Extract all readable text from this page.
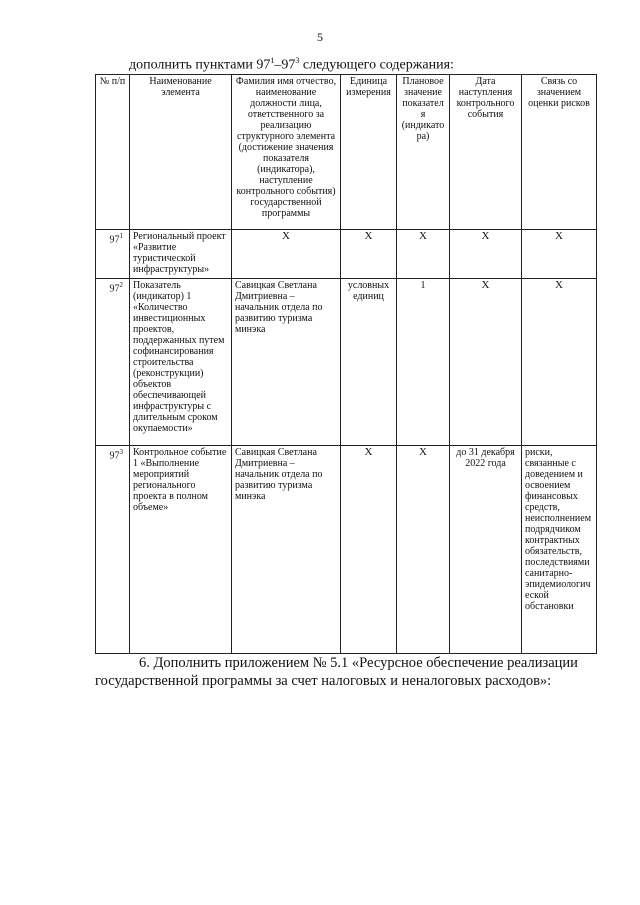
5
дополнить пунктами $97^1-97^3$ следующего содержания:
№ п/п	Наименование элемента	Фамилия имя отчество, наименование должности лица, ответственного за реализацию структурного элемента (достижение значения показателя (индикатора), наступление контрольного события) государственной программы	Единица измерения	Плановое значение показателя (индикатора)	Дата наступления контрольного события	Связь со значением оценки рисков
$97^1$	Региональный проект «Развитие туристической инфраструктуры»	Х	Х	Х	Х	Х
$97^2$	Показатель (индикатор) 1 «Количество инвестиционных проектов, поддержанных путем софинансирования строительства (реконструкции) объектов обеспечивающей инфраструктуры с длительным сроком окупаемости»	Савицкая Светлана Дмитриевна – начальник отдела по развитию туризма минэка	условных единиц	1	Х	Х
$97^3$	Контрольное событие 1 «Выполнение мероприятий регионального проекта в полном объеме»	Савицкая Светлана Дмитриевна – начальник отдела по развитию туризма минэка	Х	Х	до 31 декабря 2022 года	риски, связанные с доведением и освоением финансовых средств, неисполнением подрядчиком контрактных обязательств, последствиями санитарно-эпидемиологической обстановки
6. Дополнить приложением № 5.1 «Ресурсное обеспечение реализации
государственной программы за счет налоговых и неналоговых расходов»:
